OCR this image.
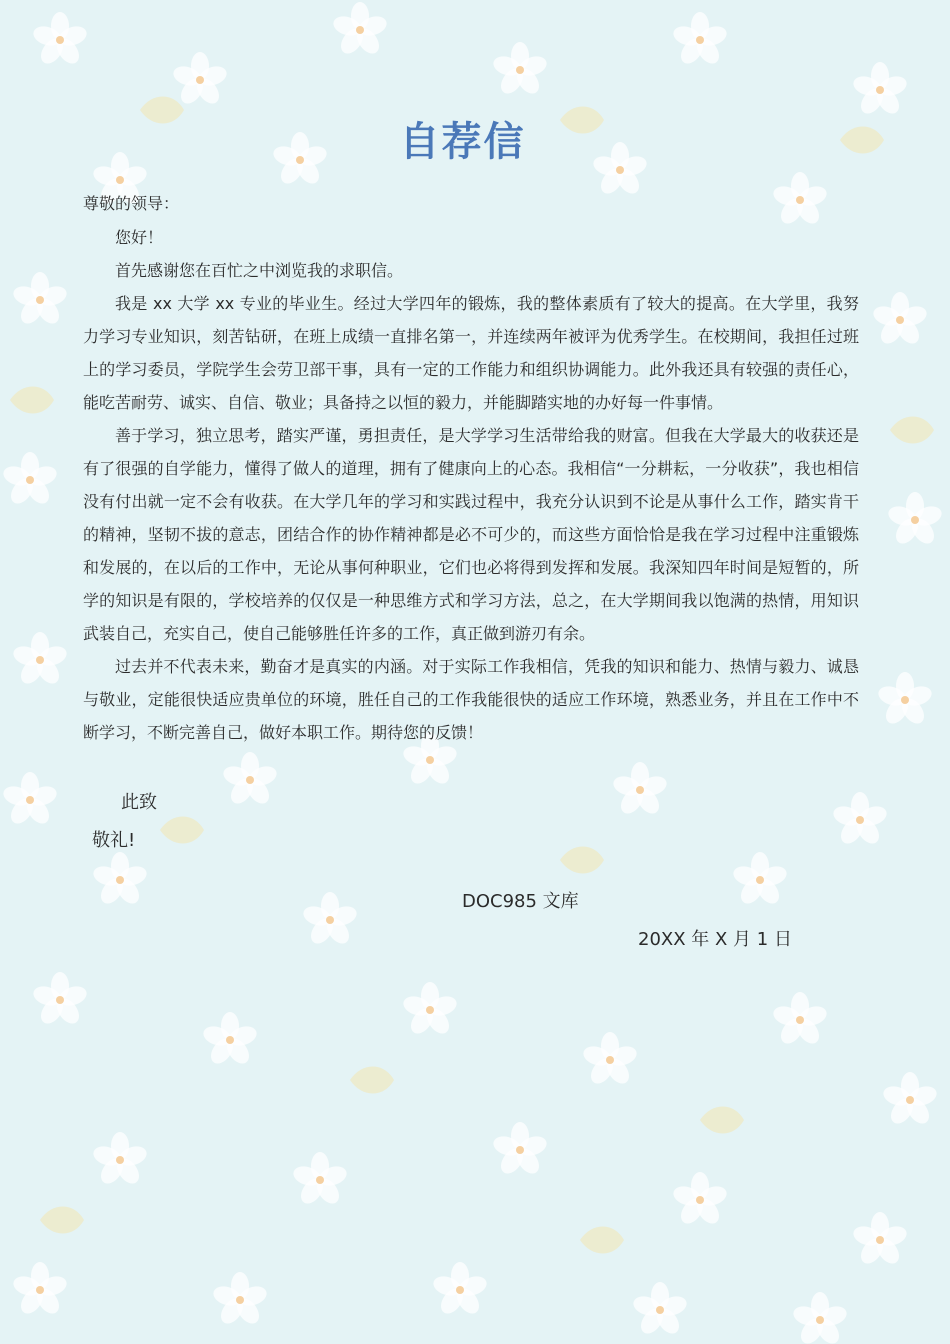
自荐信
尊敬的领导：

您好！

首先感谢您在百忙之中浏览我的求职信。

我是 xx 大学 xx 专业的毕业生。经过大学四年的锻炼，我的整体素质有了较大的提高。在大学里，我努力学习专业知识，刻苦钻研，在班上成绩一直排名第一，并连续两年被评为优秀学生。在校期间，我担任过班上的学习委员，学院学生会劳卫部干事，具有一定的工作能力和组织协调能力。此外我还具有较强的责任心，能吃苦耐劳、诚实、自信、敬业；具备持之以恒的毅力，并能脚踏实地的办好每一件事情。

善于学习，独立思考，踏实严谨，勇担责任，是大学学习生活带给我的财富。但我在大学最大的收获还是有了很强的自学能力，懂得了做人的道理，拥有了健康向上的心态。我相信“一分耕耘，一分收获”，我也相信没有付出就一定不会有收获。在大学几年的学习和实践过程中，我充分认识到不论是从事什么工作，踏实肯干的精神，坚韧不拔的意志，团结合作的协作精神都是必不可少的，而这些方面恰恰是我在学习过程中注重锻炼和发展的，在以后的工作中，无论从事何种职业，它们也必将得到发挥和发展。我深知四年时间是短暂的，所学的知识是有限的，学校培养的仅仅是一种思维方式和学习方法，总之，在大学期间我以饱满的热情，用知识武装自己，充实自己，使自己能够胜任许多的工作，真正做到游刃有余。

过去并不代表未来，勤奋才是真实的内涵。对于实际工作我相信，凭我的知识和能力、热情与毅力、诚恳与敬业，定能很快适应贵单位的环境，胜任自己的工作我能很快的适应工作环境，熟悉业务，并且在工作中不断学习，不断完善自己，做好本职工作。期待您的反馈！

此致
敬礼!
DOC985 文库
20XX 年 X 月 1 日
